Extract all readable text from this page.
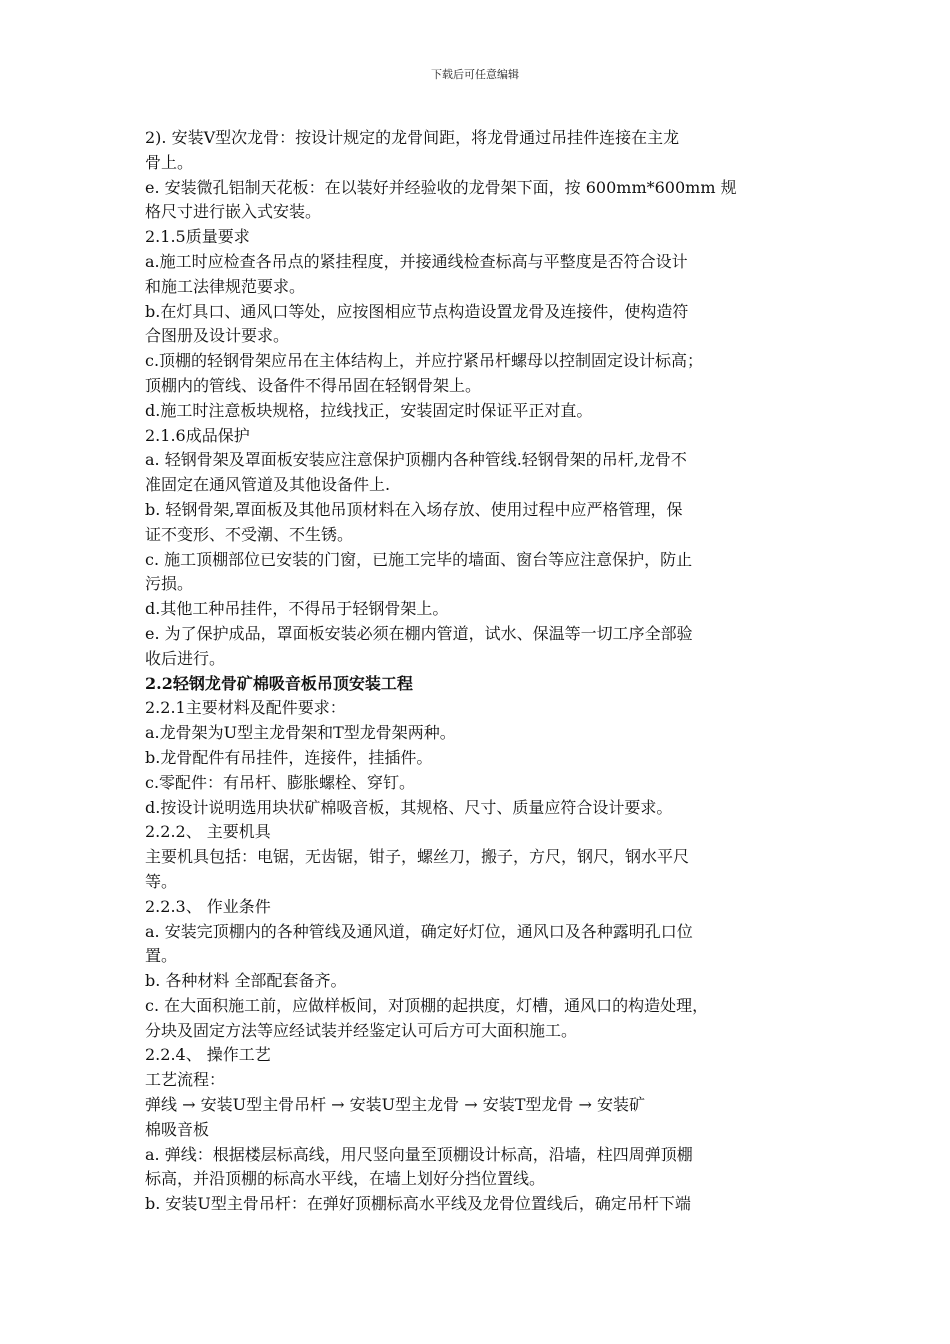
下载后可任意编辑
2). 安装Ⅴ型次龙骨：按设计规定的龙骨间距，将龙骨通过吊挂件连接在主龙
骨上。
e. 安装微孔铝制天花板：在以装好并经验收的龙骨架下面，按 600mm*600mm 规
格尺寸进行嵌入式安装。
2.1.5质量要求
a.施工时应检查各吊点的紧挂程度，并接通线检查标高与平整度是否符合设计
和施工法律规范要求。
b.在灯具口、通风口等处，应按图相应节点构造设置龙骨及连接件，使构造符
合图册及设计要求。
c.顶棚的轻钢骨架应吊在主体结构上，并应拧紧吊杆螺母以控制固定设计标高；
顶棚内的管线、设备件不得吊固在轻钢骨架上。
d.施工时注意板块规格，拉线找正，安装固定时保证平正对直。
2.1.6成品保护
a. 轻钢骨架及罩面板安装应注意保护顶棚内各种管线.轻钢骨架的吊杆,龙骨不
准固定在通风管道及其他设备件上.
b. 轻钢骨架,罩面板及其他吊顶材料在入场存放、使用过程中应严格管理，保
证不变形、不受潮、不生锈。
c. 施工顶棚部位已安装的门窗，已施工完毕的墙面、窗台等应注意保护，防止
污损。
d.其他工种吊挂件，不得吊于轻钢骨架上。
e. 为了保护成品，罩面板安装必须在棚内管道，试水、保温等一切工序全部验
收后进行。
2.2轻钢龙骨矿棉吸音板吊顶安装工程
2.2.1主要材料及配件要求：
a.龙骨架为U型主龙骨架和T型龙骨架两种。
b.龙骨配件有吊挂件，连接件，挂插件。
c.零配件：有吊杆、膨胀螺栓、穿钉。
d.按设计说明选用块状矿棉吸音板，其规格、尺寸、质量应符合设计要求。
2.2.2、 主要机具
主要机具包括：电锯，无齿锯，钳子，螺丝刀，搬子，方尺，钢尺，钢水平尺
等。
2.2.3、 作业条件
a. 安装完顶棚内的各种管线及通风道，确定好灯位，通风口及各种露明孔口位
置。
b. 各种材料 全部配套备齐。
c. 在大面积施工前，应做样板间，对顶棚的起拱度，灯槽，通风口的构造处理，
分块及固定方法等应经试装并经鉴定认可后方可大面积施工。
2.2.4、 操作工艺
工艺流程：
弹线 → 安装U型主骨吊杆 → 安装U型主龙骨 → 安装T型龙骨 → 安装矿
棉吸音板
a. 弹线：根据楼层标高线，用尺竖向量至顶棚设计标高，沿墙，柱四周弹顶棚
标高，并沿顶棚的标高水平线，在墙上划好分挡位置线。
b. 安装U型主骨吊杆：在弹好顶棚标高水平线及龙骨位置线后，确定吊杆下端
